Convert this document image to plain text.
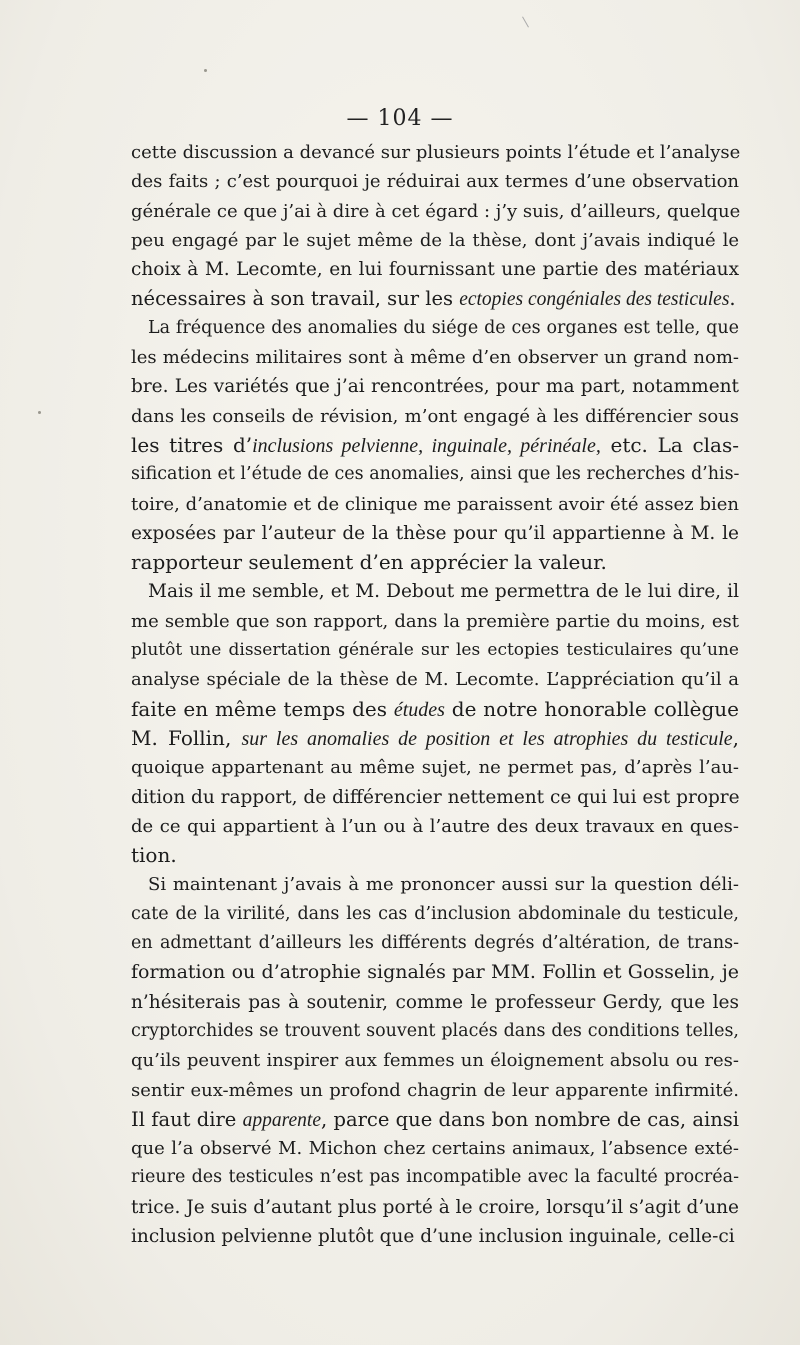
— 104 —
cette discussion a devancé sur plusieurs points l’étude et l’analyse
des faits ; c’est pourquoi je réduirai aux termes d’une observation
générale ce que j’ai à dire à cet égard : j’y suis, d’ailleurs, quelque
peu engagé par le sujet même de la thèse, dont j’avais indiqué le
choix à M. Lecomte, en lui fournissant une partie des matériaux
nécessaires à son travail, sur les ectopies congéniales des testicules.
La fréquence des anomalies du siége de ces organes est telle, que
les médecins militaires sont à même d’en observer un grand nom-
bre. Les variétés que j’ai rencontrées, pour ma part, notamment
dans les conseils de révision, m’ont engagé à les différencier sous
les titres d’inclusions pelvienne, inguinale, périnéale, etc. La clas-
sification et l’étude de ces anomalies, ainsi que les recherches d’his-
toire, d’anatomie et de clinique me paraissent avoir été assez bien
exposées par l’auteur de la thèse pour qu’il appartienne à M. le
rapporteur seulement d’en apprécier la valeur.
Mais il me semble, et M. Debout me permettra de le lui dire, il
me semble que son rapport, dans la première partie du moins, est
plutôt une dissertation générale sur les ectopies testiculaires qu’une
analyse spéciale de la thèse de M. Lecomte. L’appréciation qu’il a
faite en même temps des études de notre honorable collègue
M. Follin, sur les anomalies de position et les atrophies du testicule,
quoique appartenant au même sujet, ne permet pas, d’après l’au-
dition du rapport, de différencier nettement ce qui lui est propre
de ce qui appartient à l’un ou à l’autre des deux travaux en ques-
tion.
Si maintenant j’avais à me prononcer aussi sur la question déli-
cate de la virilité, dans les cas d’inclusion abdominale du testicule,
en admettant d’ailleurs les différents degrés d’altération, de trans-
formation ou d’atrophie signalés par MM. Follin et Gosselin, je
n’hésiterais pas à soutenir, comme le professeur Gerdy, que les
cryptorchides se trouvent souvent placés dans des conditions telles,
qu’ils peuvent inspirer aux femmes un éloignement absolu ou res-
sentir eux-mêmes un profond chagrin de leur apparente infirmité.
Il faut dire apparente, parce que dans bon nombre de cas, ainsi
que l’a observé M. Michon chez certains animaux, l’absence exté-
rieure des testicules n’est pas incompatible avec la faculté procréa-
trice. Je suis d’autant plus porté à le croire, lorsqu’il s’agit d’une
inclusion pelvienne plutôt que d’une inclusion inguinale, celle-ci
